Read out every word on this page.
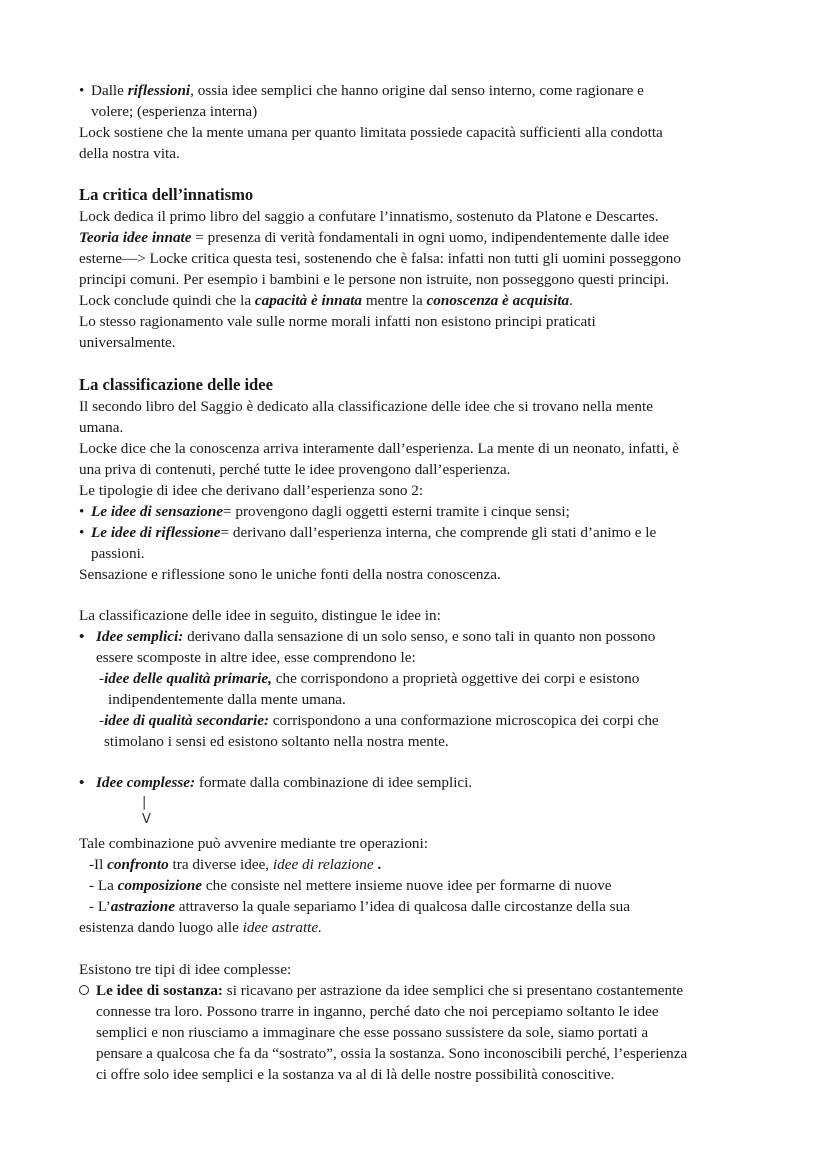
|
V
•
•
•
•
•
Dalle riflessioni, ossia idee semplici che hanno origine dal senso interno, come ragionare e
volere; (esperienza interna)
Lock sostiene che la mente umana per quanto limitata possiede capacità sufficienti alla condotta
della nostra vita.
La critica dell’innatismo
Lock dedica il primo libro del saggio a confutare l’innatismo, sostenuto da Platone e Descartes.
Teoria idee innate = presenza di verità fondamentali in ogni uomo, indipendentemente dalle idee
esterne—> Locke critica questa tesi, sostenendo che è falsa: infatti non tutti gli uomini posseggono
principi comuni. Per esempio i bambini e le persone non istruite, non posseggono questi principi.
Lock conclude quindi che la capacità è innata mentre la conoscenza è acquisita.
Lo stesso ragionamento vale sulle norme morali infatti non esistono principi praticati
universalmente.
La classificazione delle idee
Il secondo libro del Saggio è dedicato alla classificazione delle idee che si trovano nella mente
umana.
Locke dice che la conoscenza arriva interamente dall’esperienza. La mente di un neonato, infatti, è
una priva di contenuti, perché tutte le idee provengono dall’esperienza.
Le tipologie di idee che derivano dall’esperienza sono 2:
Le idee di sensazione= provengono dagli oggetti esterni tramite i cinque sensi;
Le idee di riflessione= derivano dall’esperienza interna, che comprende gli stati d’animo e le
passioni.
Sensazione e riflessione sono le uniche fonti della nostra conoscenza.
La classificazione delle idee in seguito, distingue le idee in:
Idee semplici: derivano dalla sensazione di un solo senso, e sono tali in quanto non possono
essere scomposte in altre idee, esse comprendono le:
-idee delle qualità primarie, che corrispondono a proprietà oggettive dei corpi e esistono
indipendentemente dalla mente umana.
-idee di qualità secondarie: corrispondono a una conformazione microscopica dei corpi che
stimolano i sensi ed esistono soltanto nella nostra mente.
Idee complesse: formate dalla combinazione di idee semplici.
Tale combinazione può avvenire mediante tre operazioni:
-Il confronto tra diverse idee, idee di relazione .
- La composizione che consiste nel mettere insieme nuove idee per formarne di nuove
- L’astrazione attraverso la quale separiamo l’idea di qualcosa dalle circostanze della sua
esistenza dando luogo alle idee astratte.
Esistono tre tipi di idee complesse:
Le idee di sostanza: si ricavano per astrazione da idee semplici che si presentano costantemente
connesse tra loro. Possono trarre in inganno, perché dato che noi percepiamo soltanto le idee
semplici e non riusciamo a immaginare che esse possano sussistere da sole, siamo portati a
pensare a qualcosa che fa da “sostrato”, ossia la sostanza. Sono inconoscibili perché, l’esperienza
ci offre solo idee semplici e la sostanza va al di là delle nostre possibilità conoscitive.
